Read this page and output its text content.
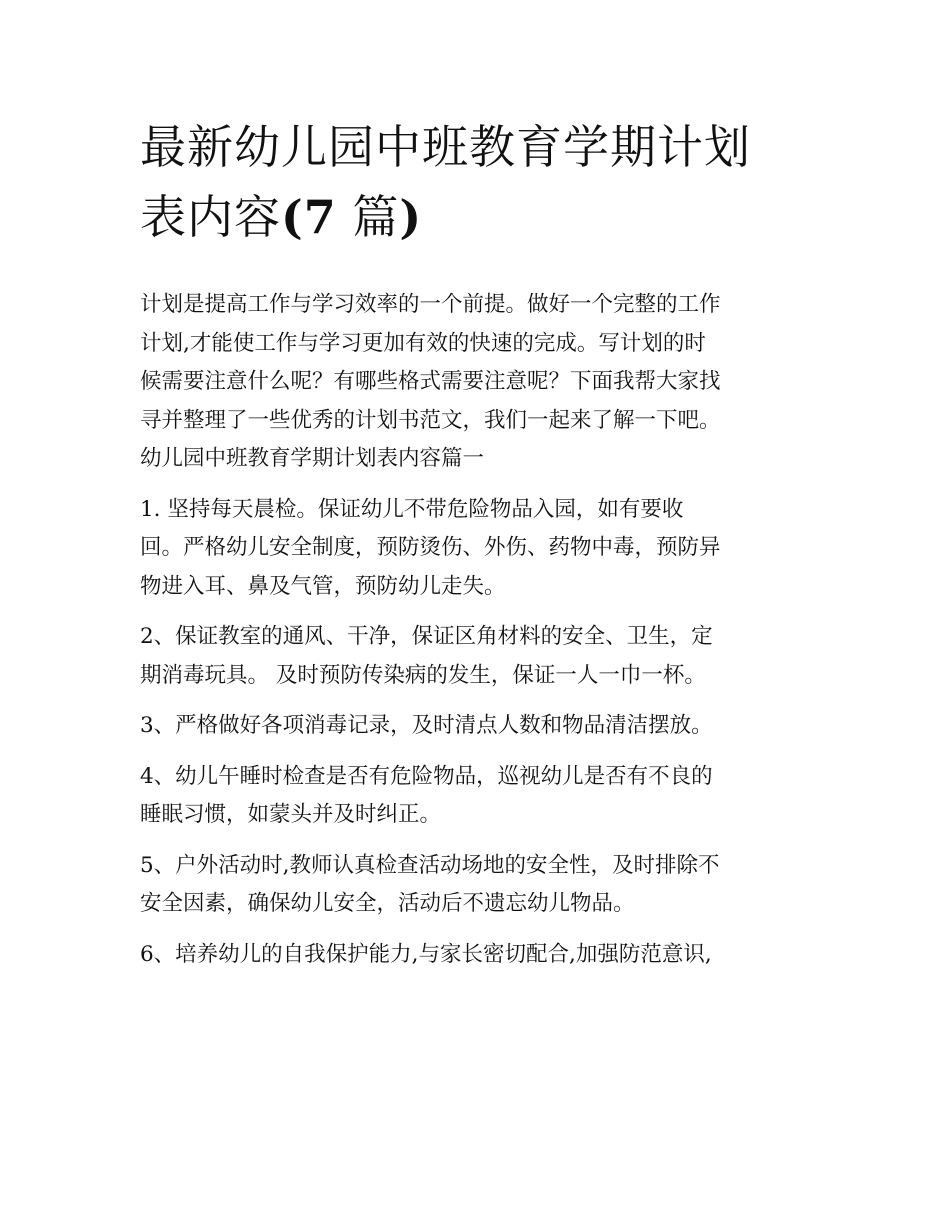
最新幼儿园中班教育学期计划
表内容(7 篇)

计划是提高工作与学习效率的一个前提。做好一个完整的工作
计划,才能使工作与学习更加有效的快速的完成。写计划的时
候需要注意什么呢？有哪些格式需要注意呢？下面我帮大家找
寻并整理了一些优秀的计划书范文，我们一起来了解一下吧。

幼儿园中班教育学期计划表内容篇一

1. 坚持每天晨检。保证幼儿不带危险物品入园，如有要收
回。严格幼儿安全制度，预防烫伤、外伤、药物中毒，预防异
物进入耳、鼻及气管，预防幼儿走失。

2、保证教室的通风、干净，保证区角材料的安全、卫生，定
期消毒玩具。 及时预防传染病的发生，保证一人一巾一杯。

3、严格做好各项消毒记录，及时清点人数和物品清洁摆放。

4、幼儿午睡时检查是否有危险物品，巡视幼儿是否有不良的
睡眠习惯，如蒙头并及时纠正。

5、户外活动时,教师认真检查活动场地的安全性，及时排除不
安全因素，确保幼儿安全，活动后不遗忘幼儿物品。

6、培养幼儿的自我保护能力,与家长密切配合,加强防范意识,
